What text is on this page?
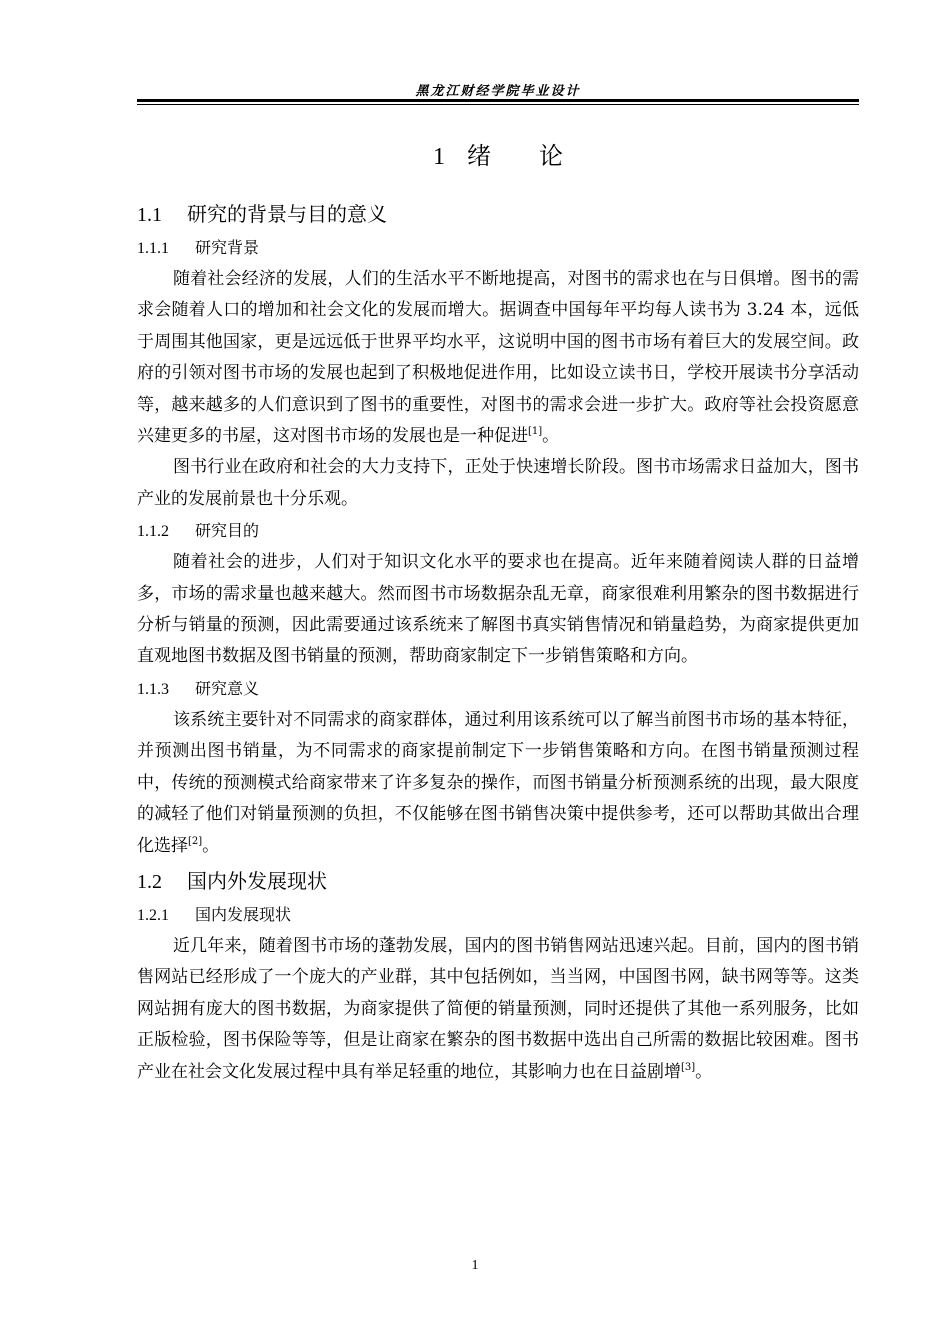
黑龙江财经学院毕业设计
1 绪 论
1.1 研究的背景与目的意义
1.1.1 研究背景

随着社会经济的发展，人们的生活水平不断地提高，对图书的需求也在与日俱增。图书的需求会随着人口的增加和社会文化的发展而增大。据调查中国每年平均每人读书为 3.24 本，远低于周围其他国家，更是远远低于世界平均水平，这说明中国的图书市场有着巨大的发展空间。政府的引领对图书市场的发展也起到了积极地促进作用，比如设立读书日，学校开展读书分享活动等，越来越多的人们意识到了图书的重要性，对图书的需求会进一步扩大。政府等社会投资愿意兴建更多的书屋，这对图书市场的发展也是一种促进[1]。

图书行业在政府和社会的大力支持下，正处于快速增长阶段。图书市场需求日益加大，图书产业的发展前景也十分乐观。

1.1.2 研究目的

随着社会的进步，人们对于知识文化水平的要求也在提高。近年来随着阅读人群的日益增多，市场的需求量也越来越大。然而图书市场数据杂乱无章，商家很难利用繁杂的图书数据进行分析与销量的预测，因此需要通过该系统来了解图书真实销售情况和销量趋势，为商家提供更加直观地图书数据及图书销量的预测，帮助商家制定下一步销售策略和方向。

1.1.3 研究意义

该系统主要针对不同需求的商家群体，通过利用该系统可以了解当前图书市场的基本特征，并预测出图书销量，为不同需求的商家提前制定下一步销售策略和方向。在图书销量预测过程中，传统的预测模式给商家带来了许多复杂的操作，而图书销量分析预测系统的出现，最大限度的减轻了他们对销量预测的负担，不仅能够在图书销售决策中提供参考，还可以帮助其做出合理化选择[2]。

1.2 国内外发展现状
1.2.1 国内发展现状

近几年来，随着图书市场的蓬勃发展，国内的图书销售网站迅速兴起。目前，国内的图书销售网站已经形成了一个庞大的产业群，其中包括例如，当当网，中国图书网，缺书网等等。这类网站拥有庞大的图书数据，为商家提供了简便的销量预测，同时还提供了其他一系列服务，比如正版检验，图书保险等等，但是让商家在繁杂的图书数据中选出自己所需的数据比较困难。图书产业在社会文化发展过程中具有举足轻重的地位，其影响力也在日益剧增[3]。

1
